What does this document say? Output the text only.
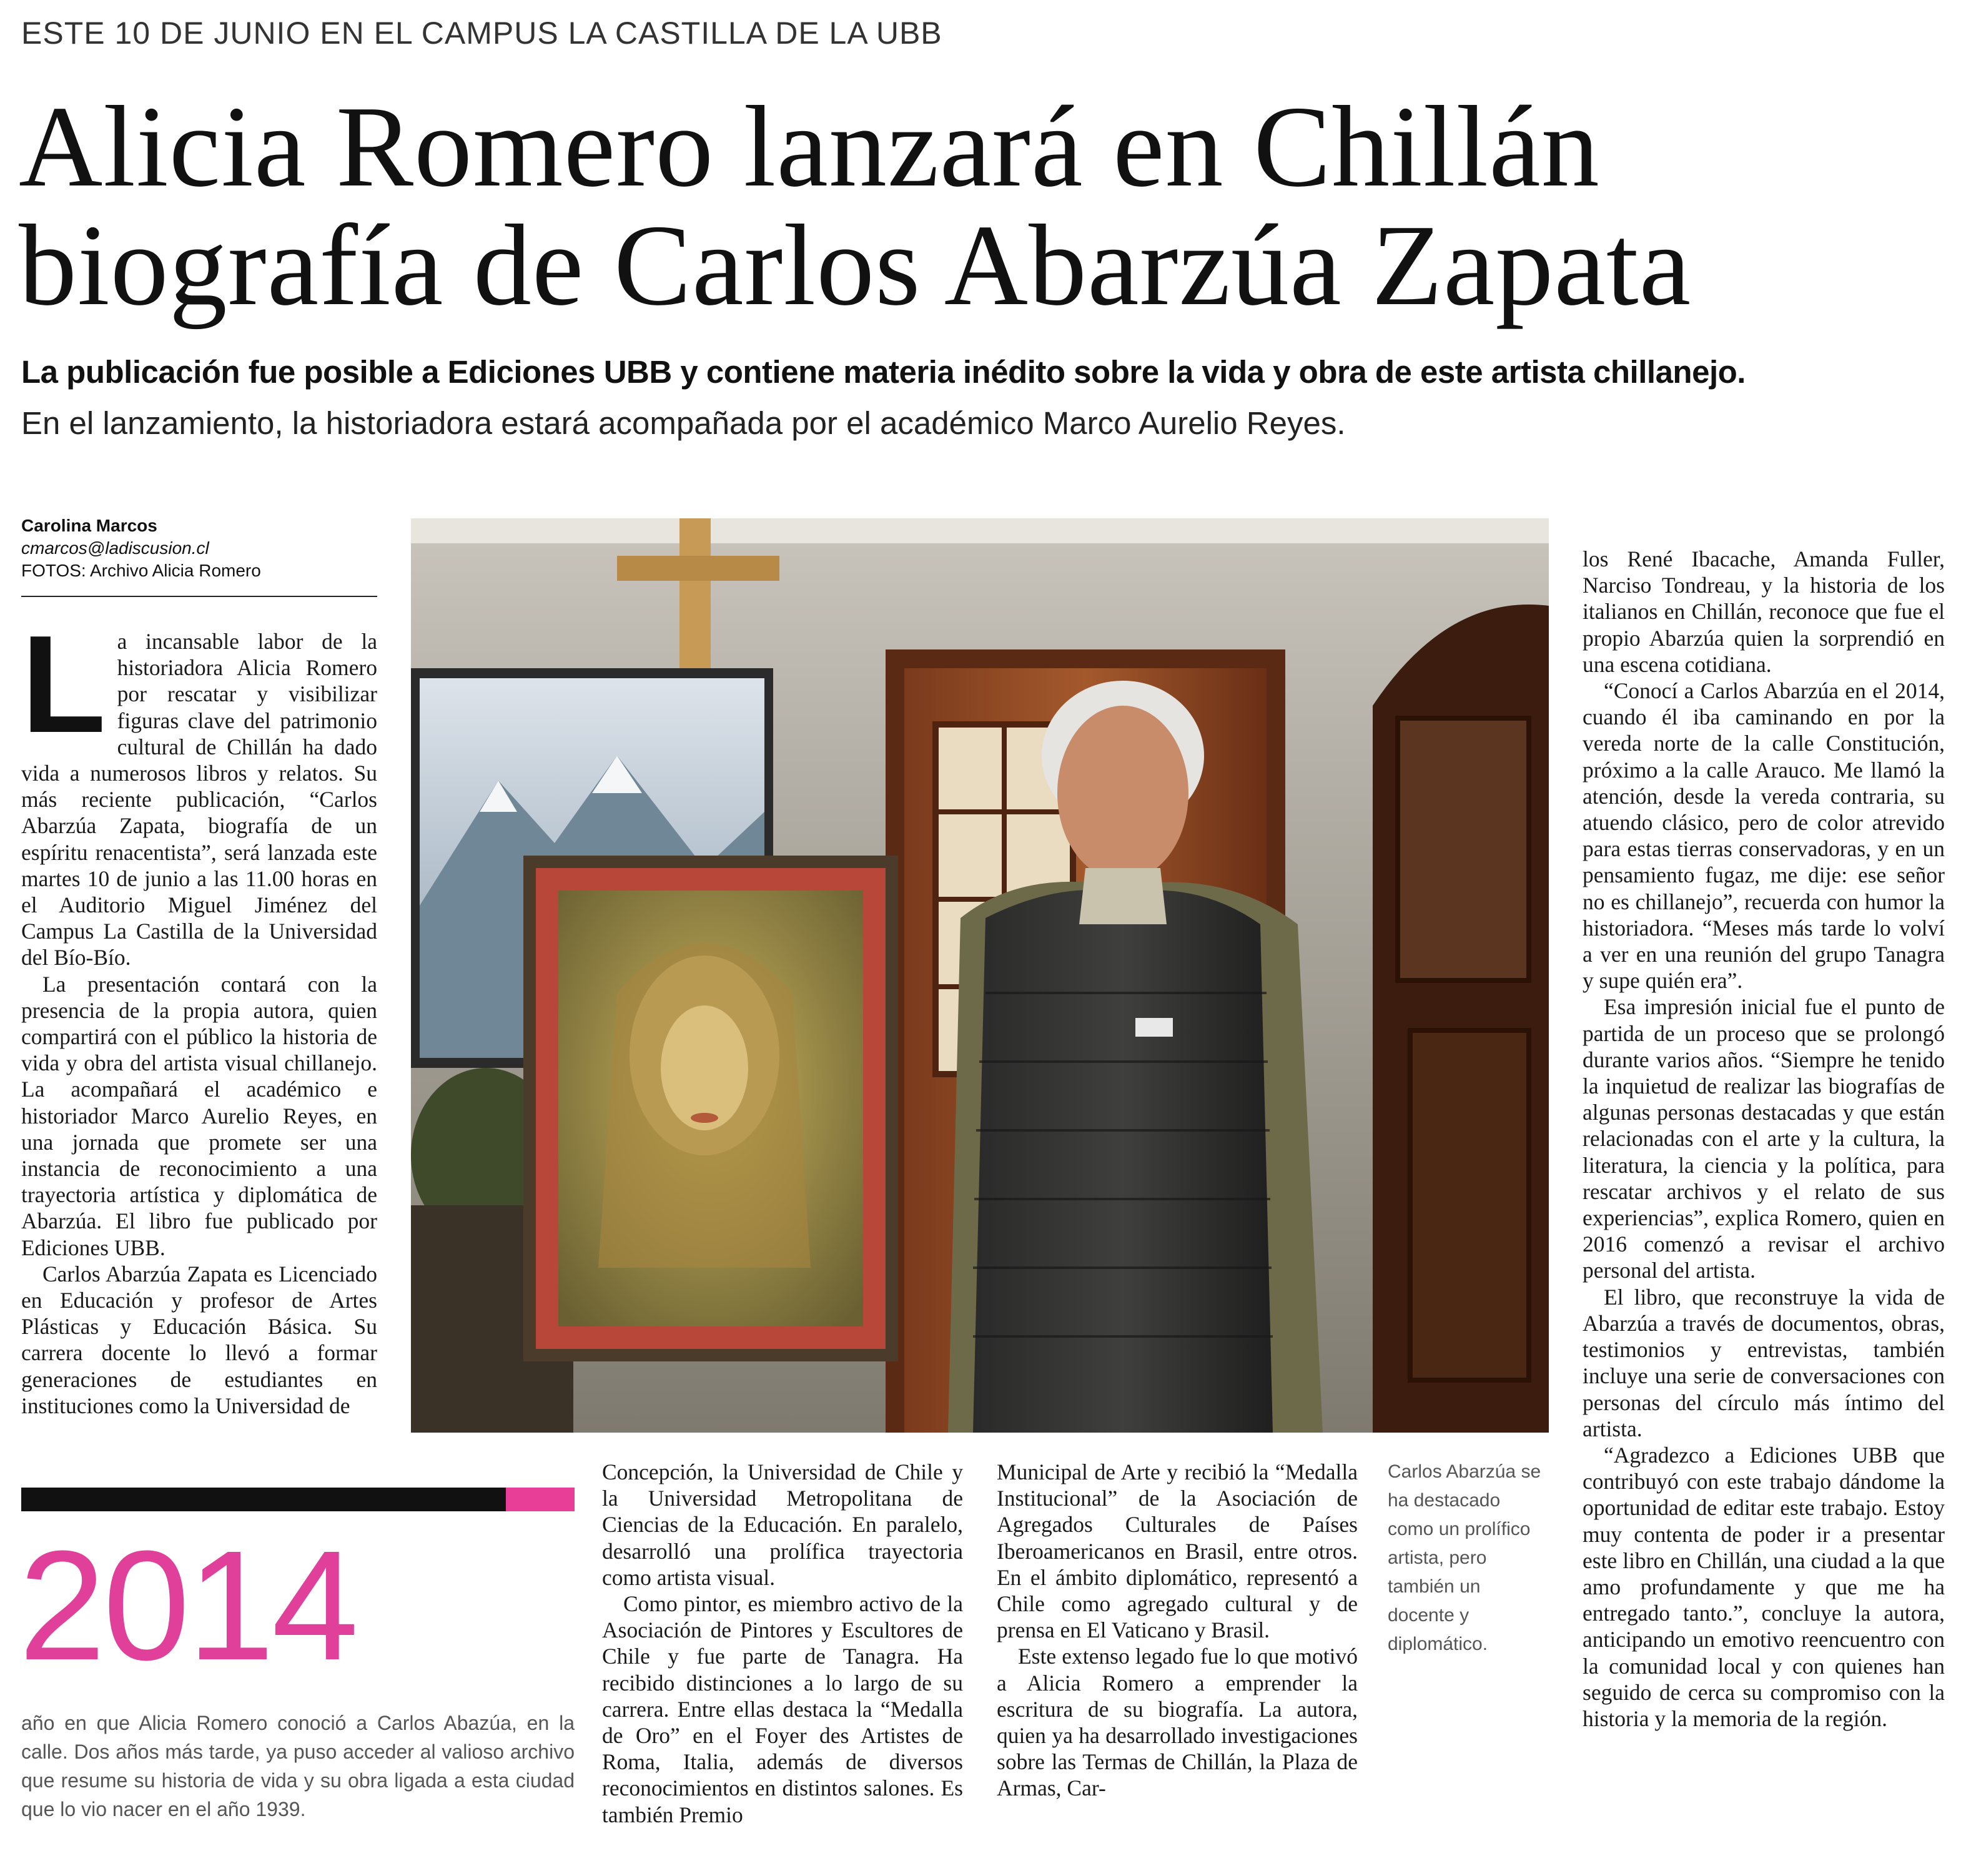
ESTE 10 DE JUNIO EN EL CAMPUS LA CASTILLA DE LA UBB
Alicia Romero lanzará en Chillán
biografía de Carlos Abarzúa Zapata
La publicación fue posible a Ediciones UBB y contiene materia inédito sobre la vida y obra de este artista chillanejo.
En el lanzamiento, la historiadora estará acompañada por el académico Marco Aurelio Reyes.
Carolina Marcos
cmarcos@ladiscusion.cl
FOTOS: Archivo Alicia Romero

La incansable labor de la historiadora Alicia Romero por rescatar y visibilizar figuras clave del patrimonio cultural de Chillán ha dado vida a numerosos libros y relatos. Su más reciente publicación, “Carlos Abarzúa Zapata, biografía de un espíritu renacentista”, será lanzada este martes 10 de junio a las 11.00 horas en el Auditorio Miguel Jiménez del Campus La Castilla de la Universidad del Bío-Bío.

La presentación contará con la presencia de la propia autora, quien compartirá con el público la historia de vida y obra del artista visual chillanejo. La acompañará el académico e historiador Marco Aurelio Reyes, en una jornada que promete ser una instancia de reconocimiento a una trayectoria artística y diplomática de Abarzúa. El libro fue publicado por Ediciones UBB.

Carlos Abarzúa Zapata es Licenciado en Educación y profesor de Artes Plásticas y Educación Básica. Su carrera docente lo llevó a formar generaciones de estudiantes en instituciones como la Universidad de

Concepción, la Universidad de Chile y la Universidad Metropolitana de Ciencias de la Educación. En paralelo, desarrolló una prolífica trayectoria como artista visual.

Como pintor, es miembro activo de la Asociación de Pintores y Escultores de Chile y fue parte de Tanagra. Ha recibido distinciones a lo largo de su carrera. Entre ellas destaca la “Medalla de Oro” en el Foyer des Artistes de Roma, Italia, además de diversos reconocimientos en distintos salones. Es también Premio

Municipal de Arte y recibió la “Medalla Institucional” de la Asociación de Agregados Culturales de Países Iberoamericanos en Brasil, entre otros. En el ámbito diplomático, representó a Chile como agregado cultural y de prensa en El Vaticano y Brasil.

Este extenso legado fue lo que motivó a Alicia Romero a emprender la escritura de su biografía. La autora, quien ya ha desarrollado investigaciones sobre las Termas de Chillán, la Plaza de Armas, Car-

Carlos Abarzúa se ha destacado como un prolífico artista, pero también un docente y diplomático.

los René Ibacache, Amanda Fuller, Narciso Tondreau, y la historia de los italianos en Chillán, reconoce que fue el propio Abarzúa quien la sorprendió en una escena cotidiana.

“Conocí a Carlos Abarzúa en el 2014, cuando él iba caminando en por la vereda norte de la calle Constitución, próximo a la calle Arauco. Me llamó la atención, desde la vereda contraria, su atuendo clásico, pero de color atrevido para estas tierras conservadoras, y en un pensamiento fugaz, me dije: ese señor no es chillanejo”, recuerda con humor la historiadora. “Meses más tarde lo volví a ver en una reunión del grupo Tanagra y supe quién era”.

Esa impresión inicial fue el punto de partida de un proceso que se prolongó durante varios años. “Siempre he tenido la inquietud de realizar las biografías de algunas personas destacadas y que están relacionadas con el arte y la cultura, la literatura, la ciencia y la política, para rescatar archivos y el relato de sus experiencias”, explica Romero, quien en 2016 comenzó a revisar el archivo personal del artista.

El libro, que reconstruye la vida de Abarzúa a través de documentos, obras, testimonios y entrevistas, también incluye una serie de conversaciones con personas del círculo más íntimo del artista.

“Agradezco a Ediciones UBB que contribuyó con este trabajo dándome la oportunidad de editar este trabajo. Estoy muy contenta de poder ir a presentar este libro en Chillán, una ciudad a la que amo profundamente y que me ha entregado tanto.”, concluye la autora, anticipando un emotivo reencuentro con la comunidad local y con quienes han seguido de cerca su compromiso con la historia y la memoria de la región.

2014
año en que Alicia Romero conoció a Carlos Abazúa, en la calle. Dos años más tarde, ya puso acceder al valioso archivo que resume su historia de vida y su obra ligada a esta ciudad que lo vio nacer en el año 1939.
